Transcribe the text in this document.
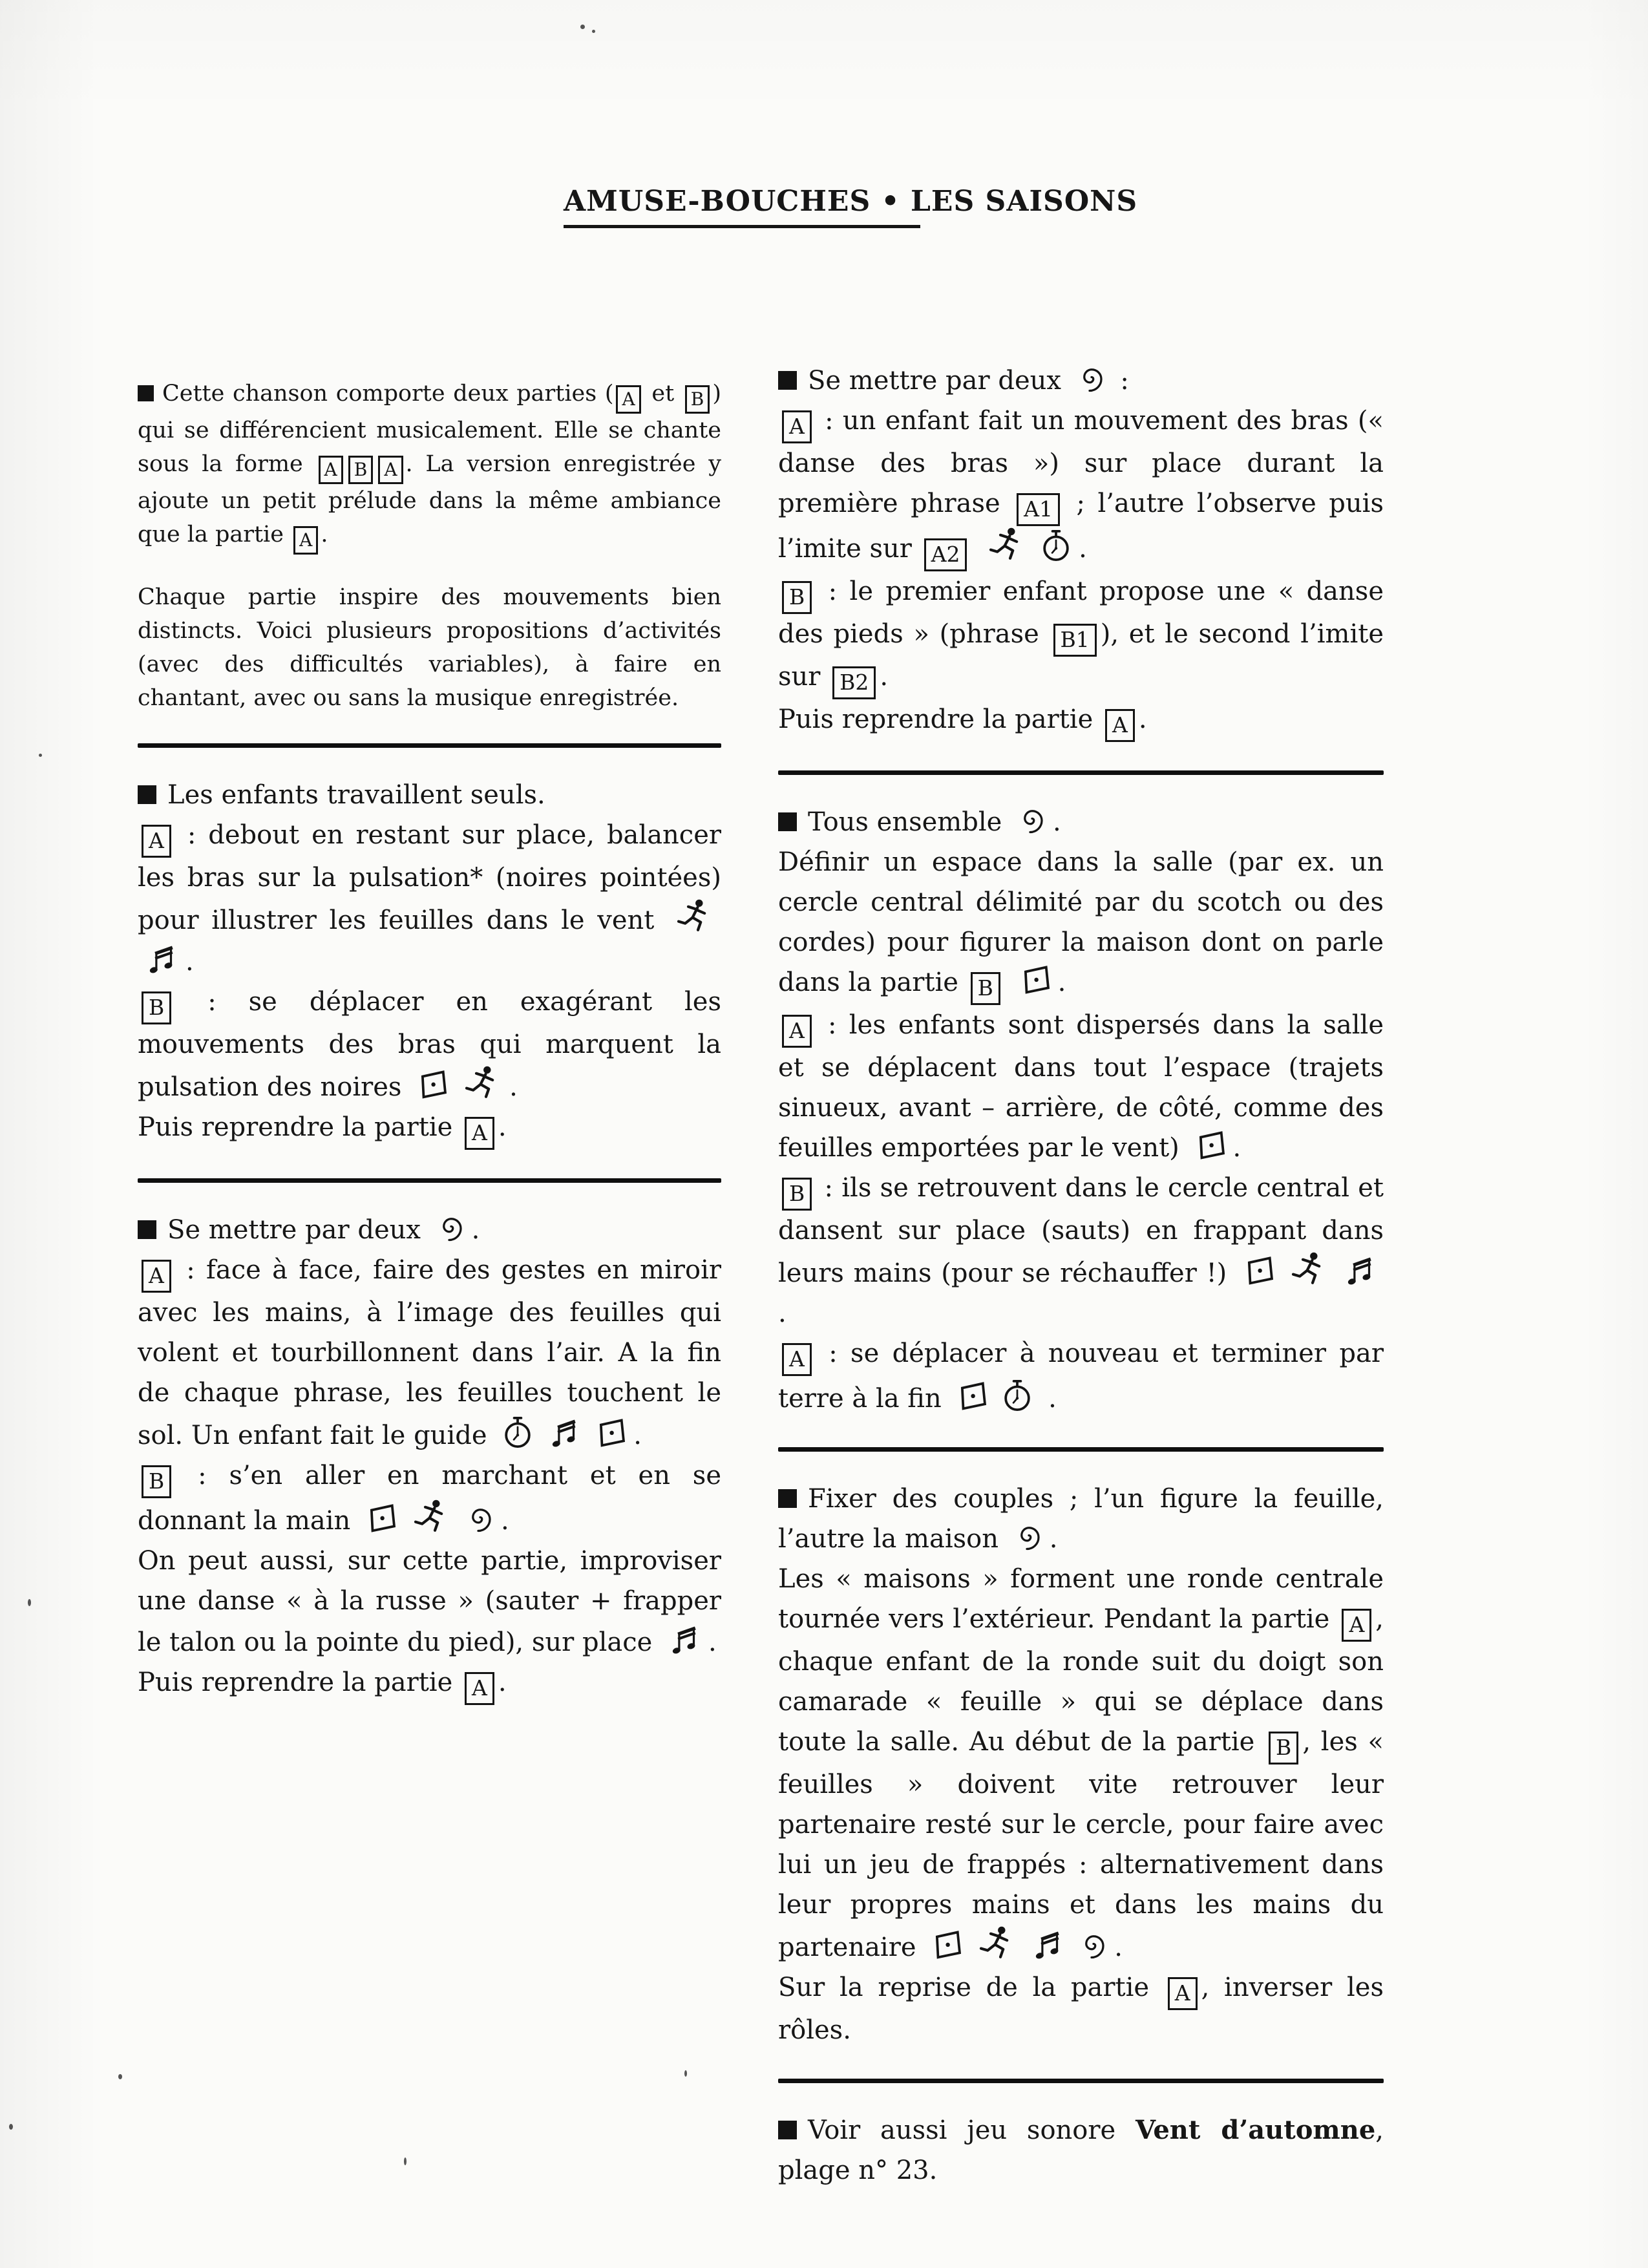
AMUSE-BOUCHES • LES SAISONS

Cette chanson comporte deux parties ( A et B ) qui se différencient musicalement. Elle se chante sous la forme A B A . La version enregistrée y ajoute un petit prélude dans la même ambiance que la partie A .

Chaque partie inspire des mouvements bien distincts. Voici plusieurs propositions d’activités (avec des difficultés variables), à faire en chantant, avec ou sans la musique enregistrée.

Les enfants travaillent seuls.

A : debout en restant sur place, balancer les bras sur la pulsation* (noires pointées) pour illustrer les feuilles dans le vent .

B : se déplacer en exagérant les mouvements des bras qui marquent la pulsation des noires	.

Puis reprendre la partie A .

Se mettre par deux .

A : face à face, faire des gestes en miroir avec les mains, à l’image des feuilles qui volent et tourbillonnent dans l’air. A la fin de chaque phrase, les feuilles touchent le sol. Un enfant fait le guide	.

B : s’en aller en marchant et en se donnant la main	.

On peut aussi, sur cette partie, improviser une danse « à la russe » (sauter + frapper le talon ou la pointe du pied), sur place .

Puis reprendre la partie A .

Se mettre par deux  :

A : un enfant fait un mouvement des bras (« danse des bras ») sur place durant la première phrase A1 ; l’autre l’observe puis l’imite sur A2	.

B : le premier enfant propose une « danse des pieds » (phrase B1 ), et le second l’imite sur B2 .

Puis reprendre la partie A .

Tous ensemble .

Définir un espace dans la salle (par ex. un cercle central délimité par du scotch ou des cordes) pour figurer la maison dont on parle dans la partie B .

A : les enfants sont dispersés dans la salle et se déplacent dans tout l’espace (trajets sinueux, avant – arrière, de côté, comme des feuilles emportées par le vent) .

B : ils se retrouvent dans le cercle central et dansent sur place (sauts) en frappant dans leurs mains (pour se réchauffer !) .

A : se déplacer à nouveau et terminer par terre à la fin	.

Fixer des couples ; l’un figure la feuille, l’autre la maison .

Les « maisons » forment une ronde centrale tournée vers l’extérieur. Pendant la partie A , chaque enfant de la ronde suit du doigt son camarade « feuille » qui se déplace dans toute la salle. Au début de la partie B , les « feuilles » doivent vite retrouver leur partenaire resté sur le cercle, pour faire avec lui un jeu de frappés : alternativement dans leur propres mains et dans les mains du partenaire	.

Sur la reprise de la partie A , inverser les rôles.

Voir aussi jeu sonore Vent d’automne, plage n° 23.
